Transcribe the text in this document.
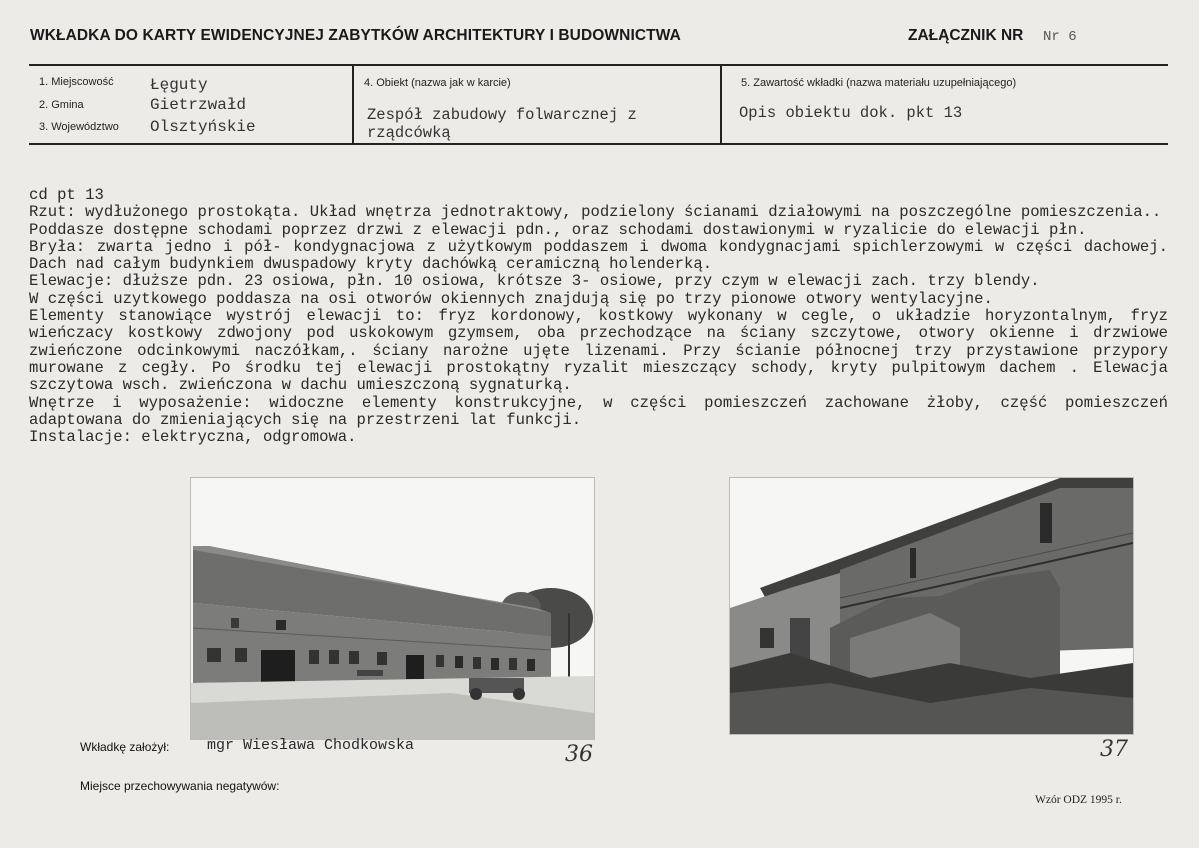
WKŁADKA DO KARTY EWIDENCYJNEJ ZABYTKÓW ARCHITEKTURY I BUDOWNICTWA	ZAŁĄCZNIK NR Nr 6
1. Miejscowość Łęguty
2. Gmina	Gietrzwałd
3. Województwo Olsztyńskie
4. Obiekt (nazwa jak w karcie)
Zespół zabudowy folwarcznej z
rządcówką
5. Zawartość wkładki (nazwa materiału uzupełniającego)
Opis obiektu dok. pkt 13

cd pt 13

Rzut: wydłużonego prostokąta. Układ wnętrza jednotraktowy, podzielony ścianami działowymi na poszczególne pomieszczenia..

Poddasze dostępne schodami poprzez drzwi z elewacji pdn., oraz schodami dostawionymi w ryzalicie do elewacji płn.

Bryła: zwarta jedno i pół- kondygnacjowa z użytkowym poddaszem i dwoma kondygnacjami spichlerzowymi w części dachowej. Dach nad całym budynkiem dwuspadowy kryty dachówką ceramiczną holenderką.

Elewacje: dłuższe pdn. 23 osiowa, płn. 10 osiowa, krótsze 3- osiowe, przy czym w elewacji zach. trzy blendy.

W części uzytkowego poddasza na osi otworów okiennych znajdują się po trzy pionowe otwory wentylacyjne.

Elementy stanowiące wystrój elewacji to: fryz kordonowy, kostkowy wykonany w cegle, o układzie horyzontalnym, fryz wieńczacy kostkowy zdwojony pod uskokowym gzymsem, oba przechodzące na ściany szczytowe, otwory okienne i drzwiowe zwieńczone odcinkowymi naczółkam,. ściany narożne ujęte lizenami. Przy ścianie północnej trzy przystawione przypory murowane z cegły. Po środku tej elewacji prostokątny ryzalit mieszczący schody, kryty pulpitowym dachem . Elewacja szczytowa wsch. zwieńczona w dachu umieszczoną sygnaturką.

Wnętrze i wyposażenie: widoczne elementy konstrukcyjne, w części pomieszczeń zachowane żłoby, część pomieszczeń adaptowana do zmieniających się na przestrzeni lat funkcji.

Instalacje: elektryczna, odgromowa.

Wkładkę założył:	mgr Wiesława Chodkowska	36	37
Miejsce przechowywania negatywów:
Wzór ODZ 1995 r.
